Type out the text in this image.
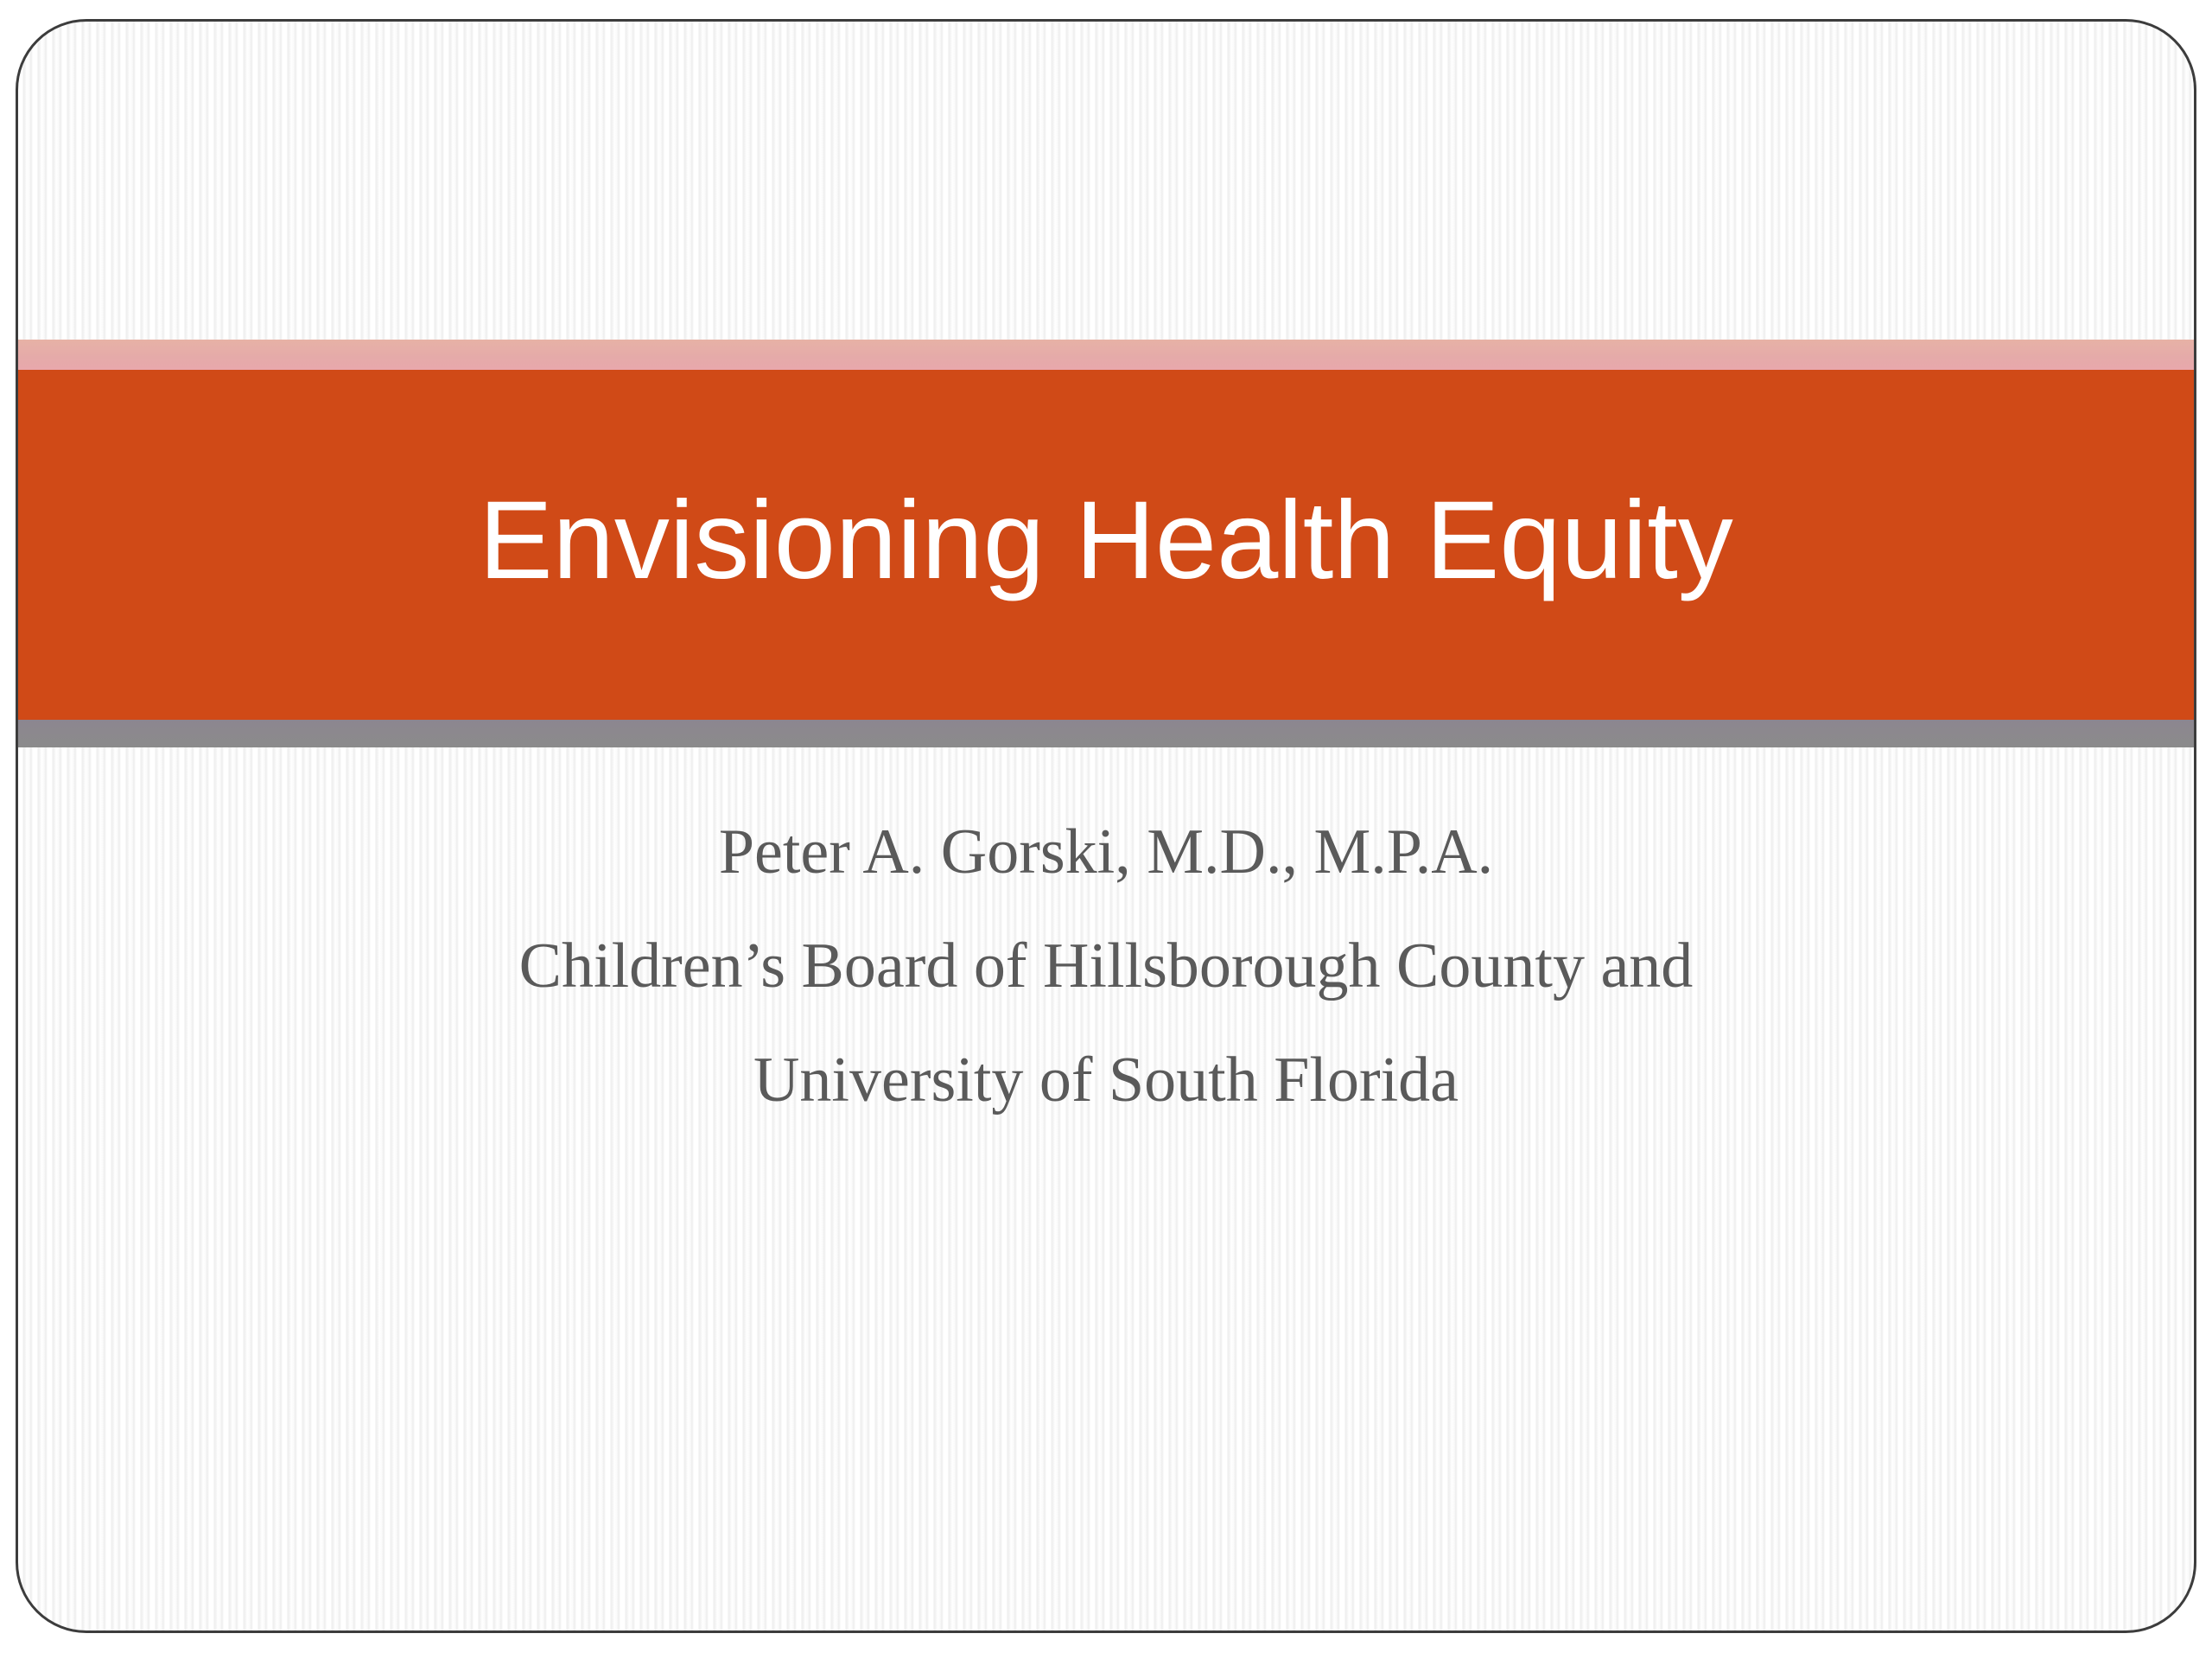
Envisioning Health Equity
Peter A. Gorski, M.D., M.P.A.
Children’s Board of Hillsborough County and
University of South Florida
